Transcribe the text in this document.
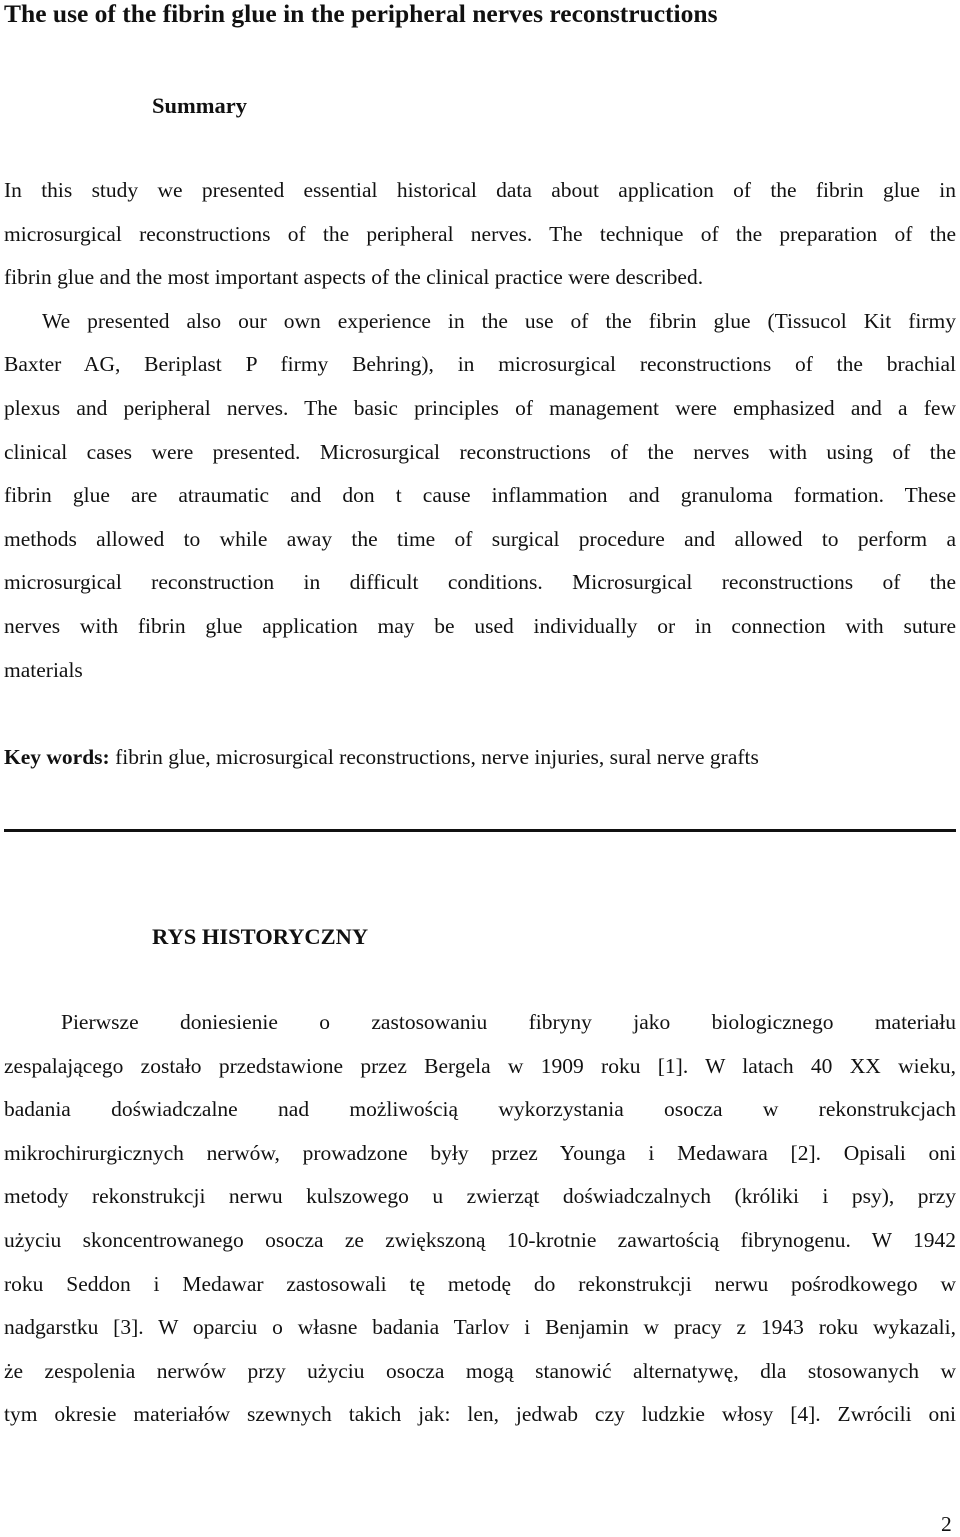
The use of the fibrin glue in the peripheral nerves reconstructions
Summary
In this study we presented essential historical data about application of the fibrin glue in
microsurgical reconstructions of the peripheral nerves. The technique of the preparation of the
fibrin glue and the most important aspects of the clinical practice were described.
We presented also our own experience in the use of the fibrin glue (Tissucol Kit firmy
Baxter AG, Beriplast P firmy Behring), in microsurgical reconstructions of the brachial
plexus and peripheral nerves. The basic principles of management were emphasized and a few
clinical cases were presented. Microsurgical reconstructions of the nerves with using of the
fibrin glue are atraumatic and don t cause inflammation and granuloma formation. These
methods allowed to while away the time of surgical procedure and allowed to perform a
microsurgical reconstruction in difficult conditions. Microsurgical reconstructions of the
nerves with fibrin glue application may be used individually or in connection with suture
materials

Key words: fibrin glue, microsurgical reconstructions, nerve injuries, sural nerve grafts

RYS HISTORYCZNY
Pierwsze doniesienie o zastosowaniu fibryny jako biologicznego materiału
zespalającego zostało przedstawione przez Bergela w 1909 roku [1]. W latach 40 XX wieku,
badania doświadczalne nad możliwością wykorzystania osocza w rekonstrukcjach
mikrochirurgicznych nerwów, prowadzone były przez Younga i Medawara [2]. Opisali oni
metody rekonstrukcji nerwu kulszowego u zwierząt doświadczalnych (króliki i psy), przy
użyciu skoncentrowanego osocza ze zwiększoną 10-krotnie zawartością fibrynogenu. W 1942
roku Seddon i Medawar zastosowali tę metodę do rekonstrukcji nerwu pośrodkowego w
nadgarstku [3]. W oparciu o własne badania Tarlov i Benjamin w pracy z 1943 roku wykazali,
że zespolenia nerwów przy użyciu osocza mogą stanowić alternatywę, dla stosowanych w
tym okresie materiałów szewnych takich jak: len, jedwab czy ludzkie włosy [4]. Zwrócili oni
2
